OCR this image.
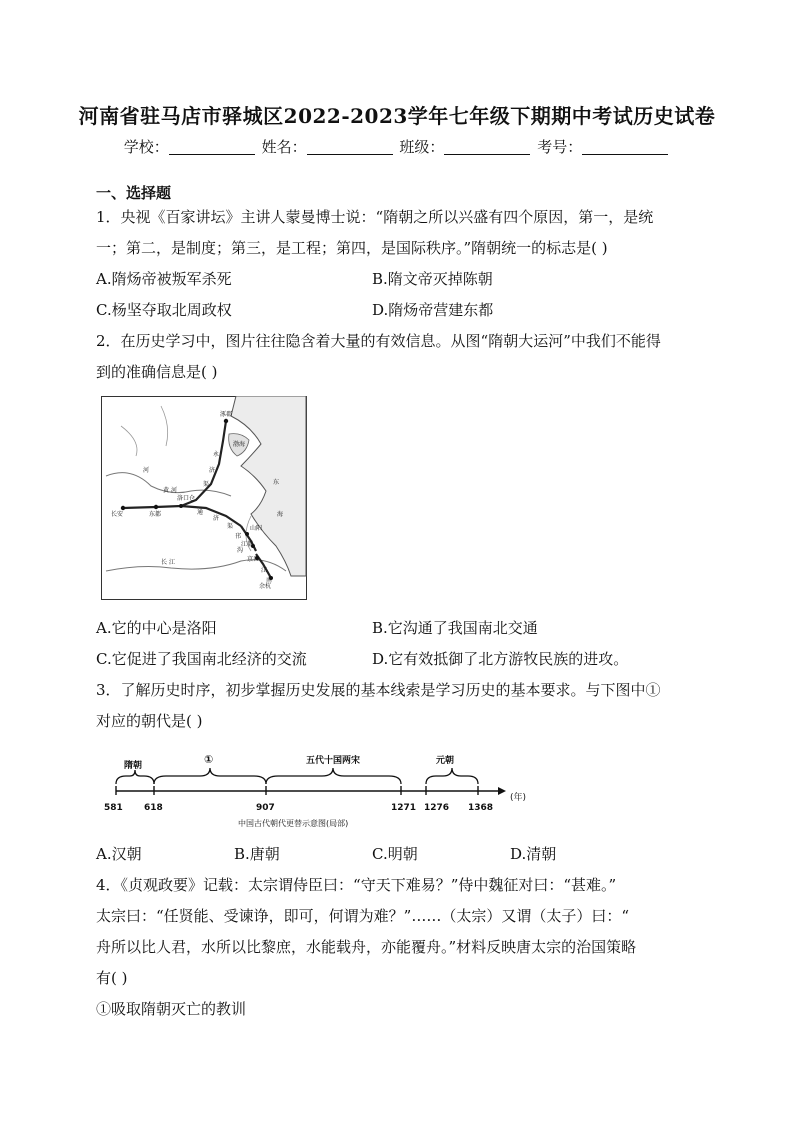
河南省驻马店市驿城区2022-2023学年七年级下期期中考试历史试卷
学校：	姓名：	班级：	考号：
一、选择题
1．央视《百家讲坛》主讲人蒙曼博士说：“隋朝之所以兴盛有四个原因，第一，是统
一；第二，是制度；第三，是工程；第四，是国际秩序。”隋朝统一的标志是( )
A.隋炀帝被叛军杀死	B.隋文帝灭掉陈朝
C.杨坚夺取北周政权	D.隋炀帝营建东都
2．在历史学习中，图片往往隐含着大量的有效信息。从图“隋朝大运河”中我们不能得
到的准确信息是( )
涿郡
渤海
东
海
长安	东都
洛口仓
山阳
江都
京口
余杭
永
济
渠
通
济
渠
邗
沟
江
南
河
黄 河
长 江
A.它的中心是洛阳	B.它沟通了我国南北交通
C.它促进了我国南北经济的交流	D.它有效抵御了北方游牧民族的进攻。
3．了解历史时序，初步掌握历史发展的基本线索是学习历史的基本要求。与下图中①
对应的朝代是( )
隋朝	①	五代十国两宋	元朝
581 618	907	1271 1276 1368
(年)
中国古代朝代更替示意图(局部)
A.汉朝	B.唐朝	C.明朝	D.清朝
4．《贞观政要》记载：太宗谓侍臣曰：“守天下难易？”侍中魏征对曰：“甚难。”
太宗曰：“任贤能、受谏诤，即可，何谓为难？”……（太宗）又谓（太子）曰：“
舟所以比人君，水所以比黎庶，水能载舟，亦能覆舟。”材料反映唐太宗的治国策略
有( )
①吸取隋朝灭亡的教训
